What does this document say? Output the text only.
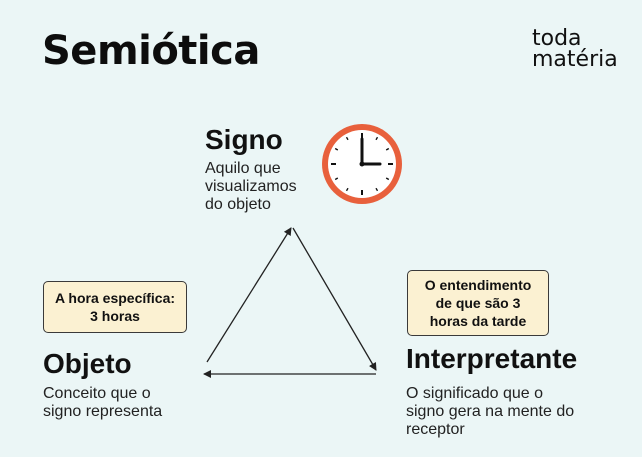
Semiótica	toda
matéria
Signo
Aquilo que
visualizamos
do objeto
A hora específica:
3 horas
Objeto
Conceito que o
signo representa
O entendimento
de que são 3
horas da tarde
Interpretante
O significado que o
signo gera na mente do
receptor
